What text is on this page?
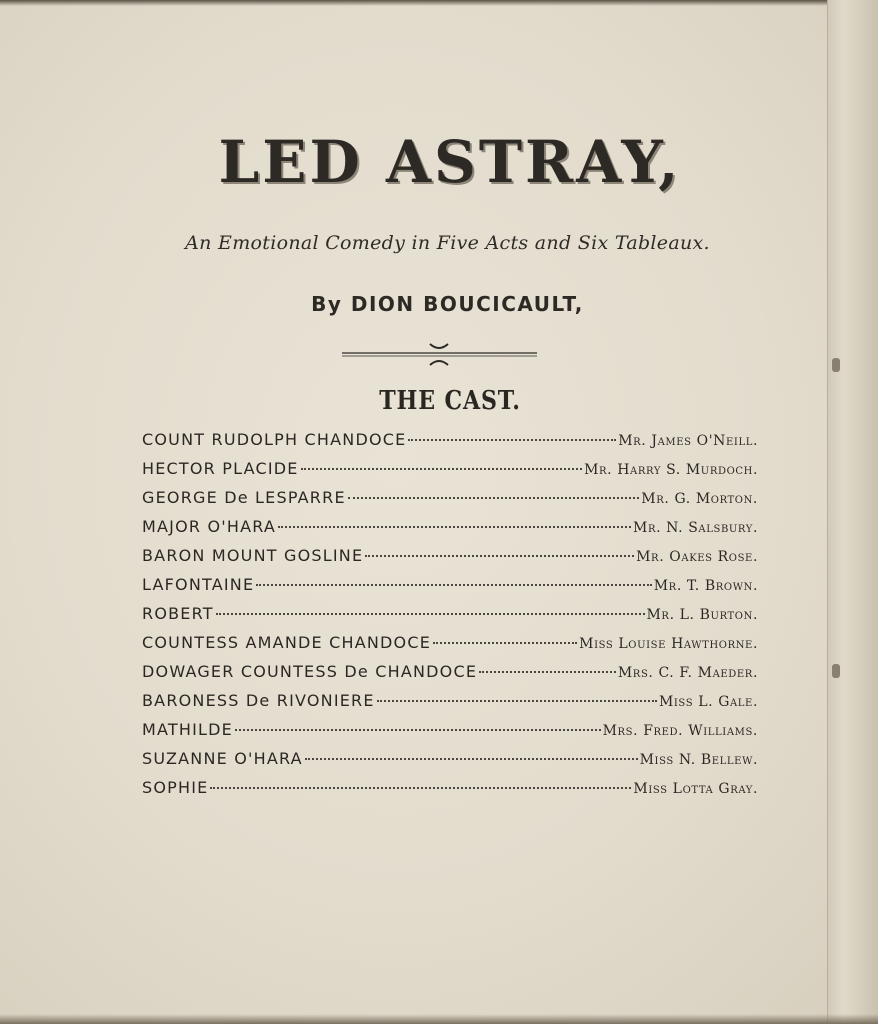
LED ASTRAY,
An Emotional Comedy in Five Acts and Six Tableaux.
By DION BOUCICAULT,
THE CAST.
COUNT RUDOLPH CHANDOCE	Mr. James O'Neill.
HECTOR PLACIDE	Mr. Harry S. Murdoch.
GEORGE De LESPARRE	Mr. G. Morton.
MAJOR O'HARA	Mr. N. Salsbury.
BARON MOUNT GOSLINE	Mr. Oakes Rose.
LAFONTAINE	Mr. T. Brown.
ROBERT	Mr. L. Burton.
COUNTESS AMANDE CHANDOCE	Miss Louise Hawthorne.
DOWAGER COUNTESS De CHANDOCE	Mrs. C. F. Maeder.
BARONESS De RIVONIERE	Miss L. Gale.
MATHILDE	Mrs. Fred. Williams.
SUZANNE O'HARA	Miss N. Bellew.
SOPHIE	Miss Lotta Gray.
